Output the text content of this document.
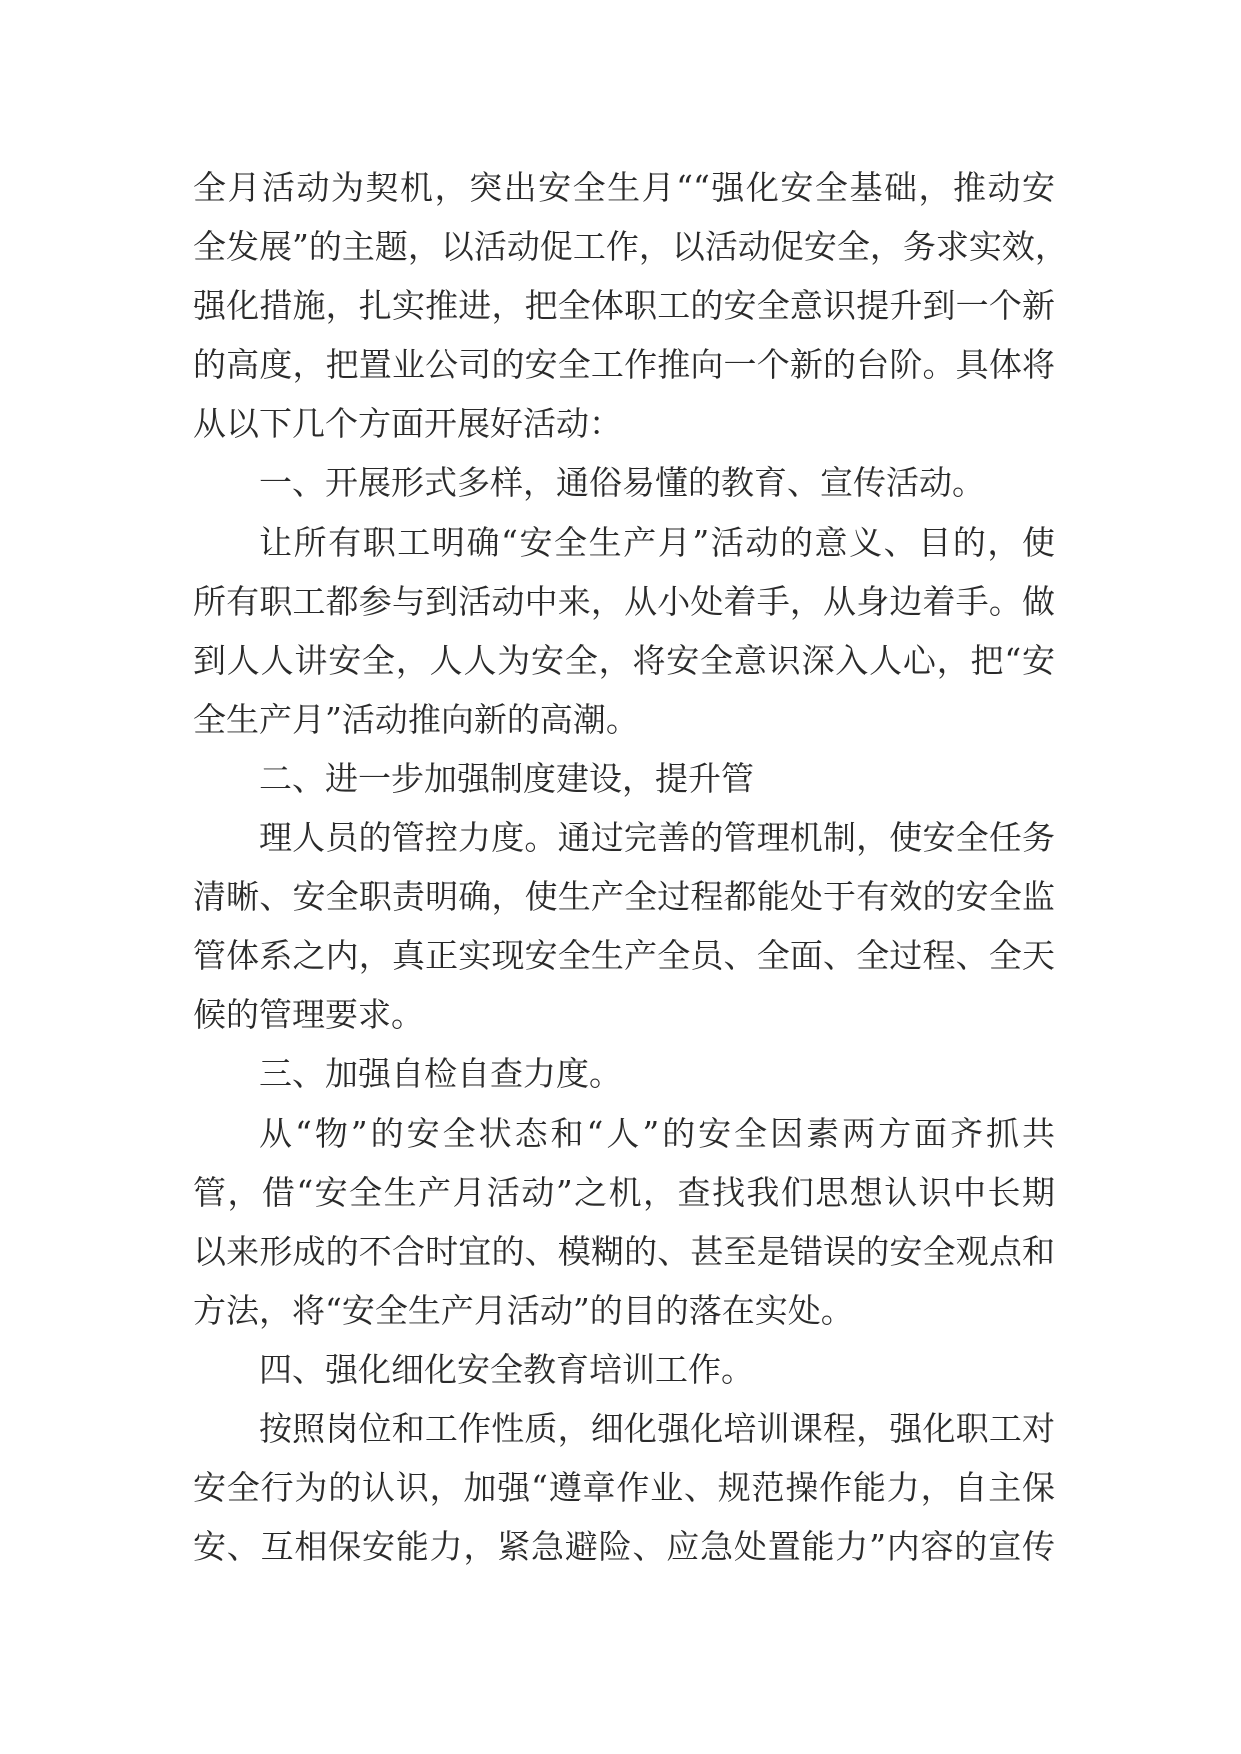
全月活动为契机，突出安全生月““强化安全基础，推动安
全发展”的主题，以活动促工作，以活动促安全，务求实效，
强化措施，扎实推进，把全体职工的安全意识提升到一个新
的高度，把置业公司的安全工作推向一个新的台阶。具体将
从以下几个方面开展好活动：
一、开展形式多样，通俗易懂的教育、宣传活动。
让所有职工明确“安全生产月”活动的意义、目的，使
所有职工都参与到活动中来，从小处着手，从身边着手。做
到人人讲安全，人人为安全，将安全意识深入人心，把“安
全生产月”活动推向新的高潮。
二、进一步加强制度建设，提升管
理人员的管控力度。通过完善的管理机制，使安全任务
清晰、安全职责明确，使生产全过程都能处于有效的安全监
管体系之内，真正实现安全生产全员、全面、全过程、全天
候的管理要求。
三、加强自检自查力度。
从“物”的安全状态和“人”的安全因素两方面齐抓共
管，借“安全生产月活动”之机，查找我们思想认识中长期
以来形成的不合时宜的、模糊的、甚至是错误的安全观点和
方法，将“安全生产月活动”的目的落在实处。
四、强化细化安全教育培训工作。
按照岗位和工作性质，细化强化培训课程，强化职工对
安全行为的认识，加强“遵章作业、规范操作能力，自主保
安、互相保安能力，紧急避险、应急处置能力”内容的宣传
